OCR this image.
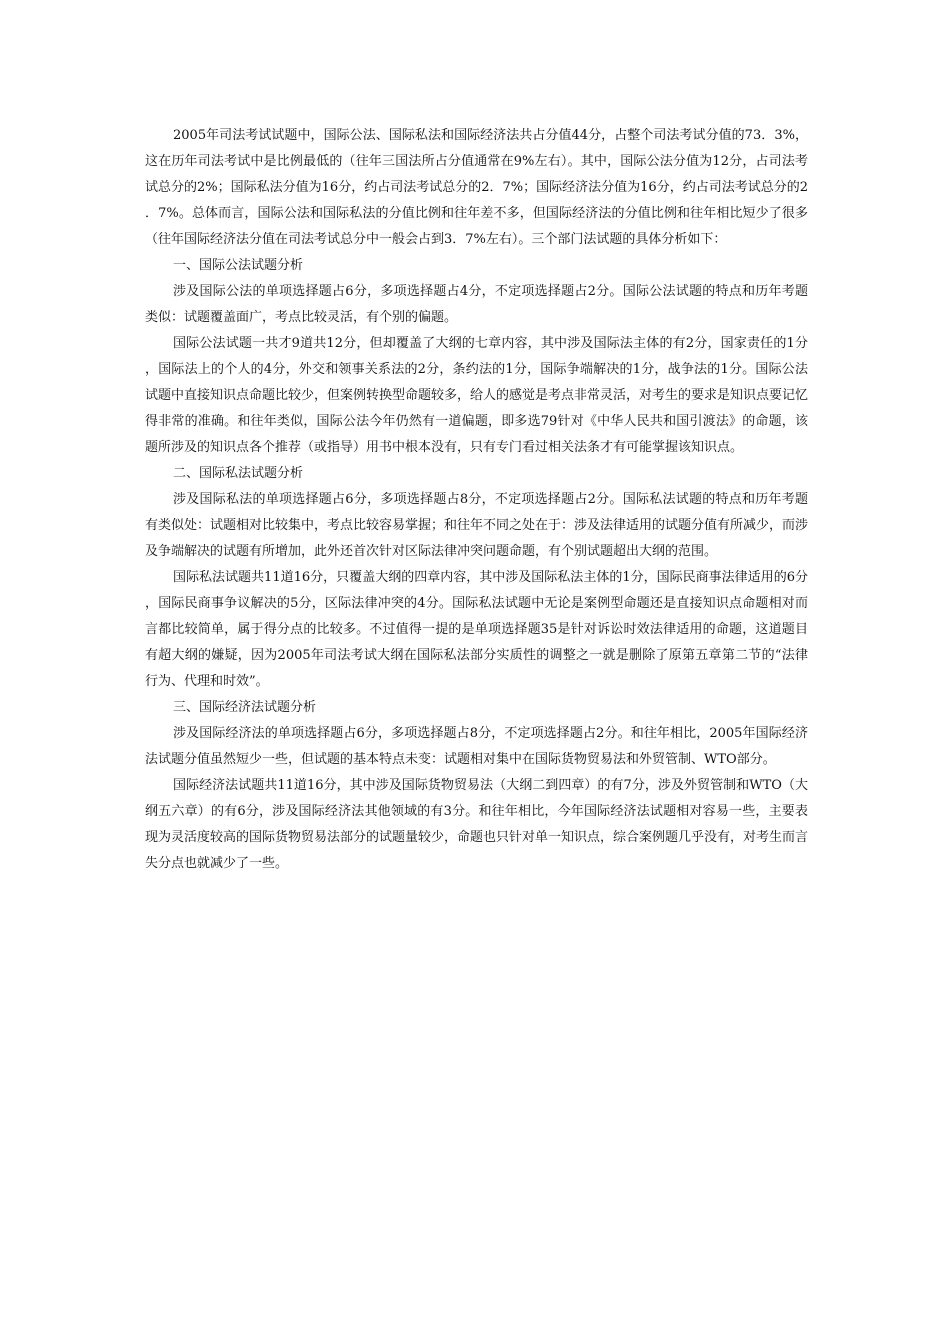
2005年司法考试试题中，国际公法、国际私法和国际经济法共占分值44分，占整个司法考试分值的73．3%，这在历年司法考试中是比例最低的（往年三国法所占分值通常在9%左右）。其中，国际公法分值为12分，占司法考试总分的2%；国际私法分值为16分，约占司法考试总分的2．7%；国际经济法分值为16分，约占司法考试总分的2．7%。总体而言，国际公法和国际私法的分值比例和往年差不多，但国际经济法的分值比例和往年相比短少了很多（往年国际经济法分值在司法考试总分中一般会占到3．7%左右）。三个部门法试题的具体分析如下：

一、国际公法试题分析

涉及国际公法的单项选择题占6分，多项选择题占4分，不定项选择题占2分。国际公法试题的特点和历年考题类似：试题覆盖面广，考点比较灵活，有个别的偏题。

国际公法试题一共才9道共12分，但却覆盖了大纲的七章内容，其中涉及国际法主体的有2分，国家责任的1分，国际法上的个人的4分，外交和领事关系法的2分，条约法的1分，国际争端解决的1分，战争法的1分。国际公法试题中直接知识点命题比较少，但案例转换型命题较多，给人的感觉是考点非常灵活，对考生的要求是知识点要记忆得非常的准确。和往年类似，国际公法今年仍然有一道偏题，即多选79针对《中华人民共和国引渡法》的命题，该题所涉及的知识点各个推荐（或指导）用书中根本没有，只有专门看过相关法条才有可能掌握该知识点。

二、国际私法试题分析

涉及国际私法的单项选择题占6分，多项选择题占8分，不定项选择题占2分。国际私法试题的特点和历年考题有类似处：试题相对比较集中，考点比较容易掌握；和往年不同之处在于：涉及法律适用的试题分值有所减少，而涉及争端解决的试题有所增加，此外还首次针对区际法律冲突问题命题，有个别试题超出大纲的范围。

国际私法试题共11道16分，只覆盖大纲的四章内容，其中涉及国际私法主体的1分，国际民商事法律适用的6分，国际民商事争议解决的5分，区际法律冲突的4分。国际私法试题中无论是案例型命题还是直接知识点命题相对而言都比较简单，属于得分点的比较多。不过值得一提的是单项选择题35是针对诉讼时效法律适用的命题，这道题目有超大纲的嫌疑，因为2005年司法考试大纲在国际私法部分实质性的调整之一就是删除了原第五章第二节的“法律行为、代理和时效”。

三、国际经济法试题分析

涉及国际经济法的单项选择题占6分，多项选择题占8分，不定项选择题占2分。和往年相比，2005年国际经济法试题分值虽然短少一些，但试题的基本特点未变：试题相对集中在国际货物贸易法和外贸管制、WTO部分。

国际经济法试题共11道16分，其中涉及国际货物贸易法（大纲二到四章）的有7分，涉及外贸管制和WTO（大纲五六章）的有6分，涉及国际经济法其他领域的有3分。和往年相比，今年国际经济法试题相对容易一些，主要表现为灵活度较高的国际货物贸易法部分的试题量较少，命题也只针对单一知识点，综合案例题几乎没有，对考生而言失分点也就减少了一些。
